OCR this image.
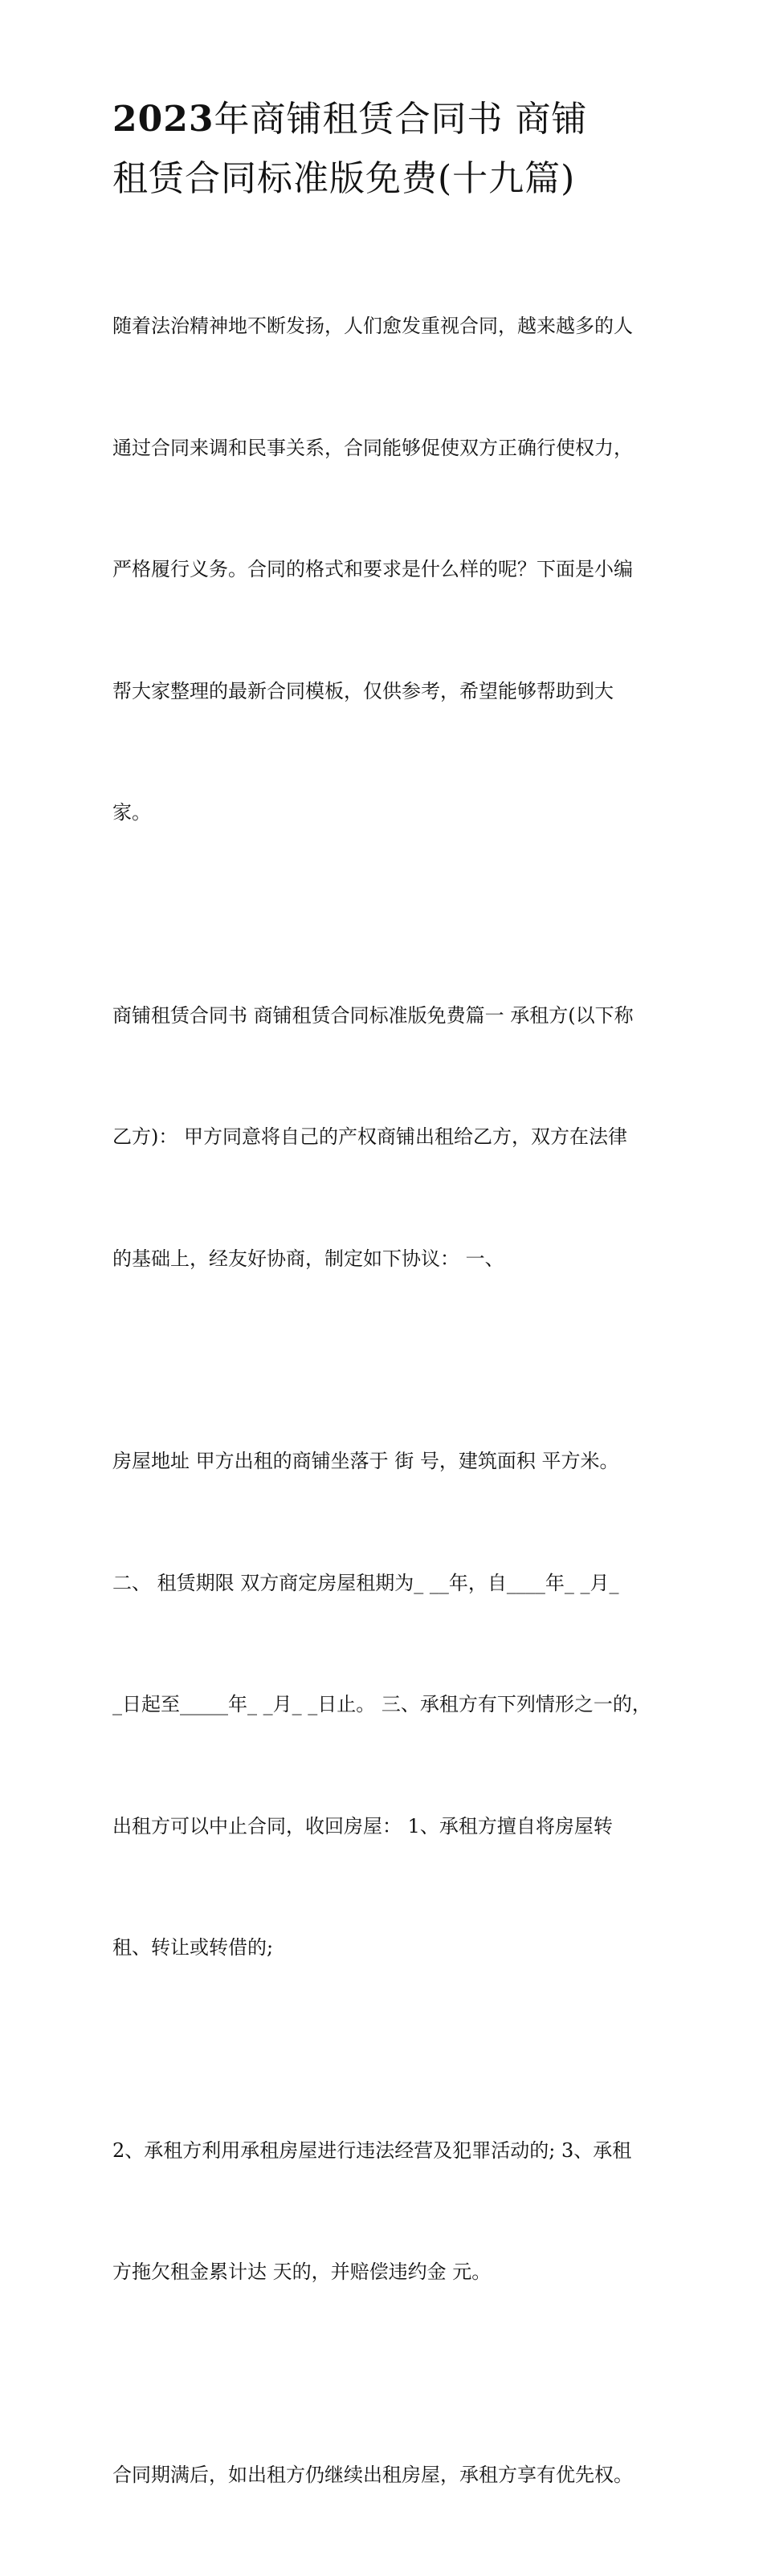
2023年商铺租赁合同书 商铺
租赁合同标准版免费(十九篇)

随着法治精神地不断发扬，人们愈发重视合同，越来越多的人

通过合同来调和民事关系，合同能够促使双方正确行使权力，

严格履行义务。合同的格式和要求是什么样的呢？下面是小编

帮大家整理的最新合同模板，仅供参考，希望能够帮助到大

家。

商铺租赁合同书 商铺租赁合同标准版免费篇一 承租方(以下称

乙方)： 甲方同意将自己的产权商铺出租给乙方，双方在法律

的基础上，经友好协商，制定如下协议： 一、

房屋地址 甲方出租的商铺坐落于 街 号，建筑面积 平方米。

二、 租赁期限 双方商定房屋租期为_ __年，自____年_ _月_

_日起至_____年_ _月_ _日止。 三、承租方有下列情形之一的，

出租方可以中止合同，收回房屋： 1、承租方擅自将房屋转

租、转让或转借的;

2、承租方利用承租房屋进行违法经营及犯罪活动的; 3、承租

方拖欠租金累计达 天的，并赔偿违约金 元。

合同期满后，如出租方仍继续出租房屋，承租方享有优先权。
